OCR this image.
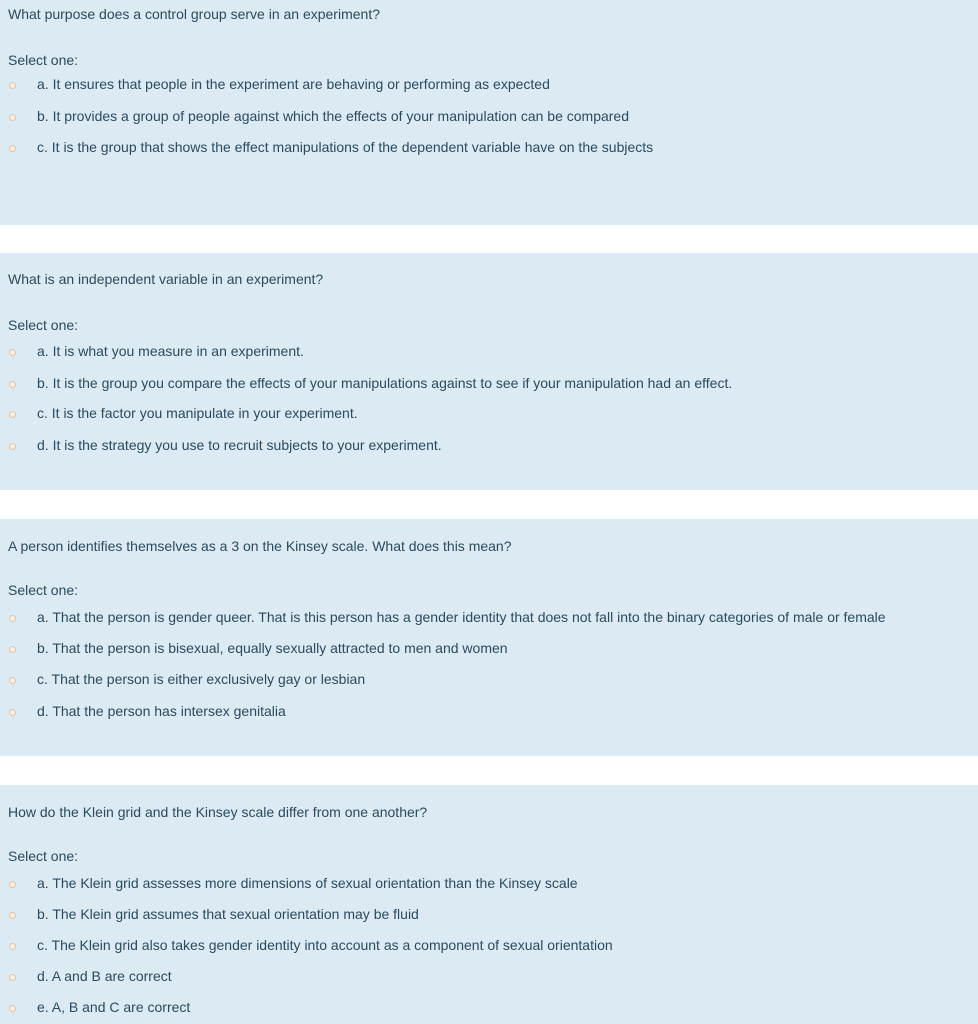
What purpose does a control group serve in an experiment?
Select one:
a. It ensures that people in the experiment are behaving or performing as expected
b. It provides a group of people against which the effects of your manipulation can be compared
c. It is the group that shows the effect manipulations of the dependent variable have on the subjects
What is an independent variable in an experiment?
Select one:
a. It is what you measure in an experiment.
b. It is the group you compare the effects of your manipulations against to see if your manipulation had an effect.
c. It is the factor you manipulate in your experiment.
d. It is the strategy you use to recruit subjects to your experiment.
A person identifies themselves as a 3 on the Kinsey scale. What does this mean?
Select one:
a. That the person is gender queer. That is this person has a gender identity that does not fall into the binary categories of male or female
b. That the person is bisexual, equally sexually attracted to men and women
c. That the person is either exclusively gay or lesbian
d. That the person has intersex genitalia
How do the Klein grid and the Kinsey scale differ from one another?
Select one:
a. The Klein grid assesses more dimensions of sexual orientation than the Kinsey scale
b. The Klein grid assumes that sexual orientation may be fluid
c. The Klein grid also takes gender identity into account as a component of sexual orientation
d. A and B are correct
e. A, B and C are correct
